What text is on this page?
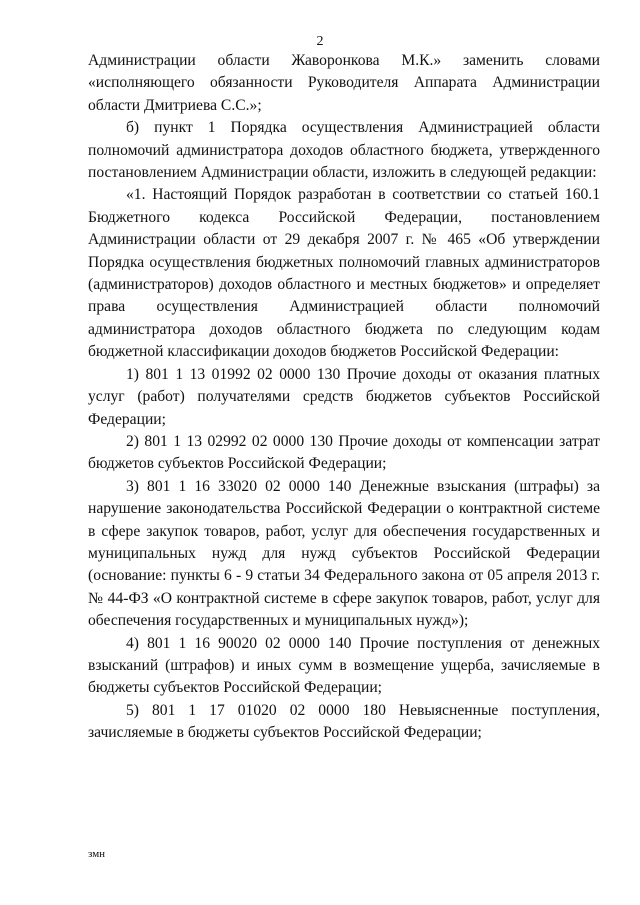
2

Администрации области Жаворонкова М.К.» заменить словами «исполняющего обязанности Руководителя Аппарата Администрации области Дмитриева С.С.»;

б) пункт 1 Порядка осуществления Администрацией области полномочий администратора доходов областного бюджета, утвержденного постановлением Администрации области, изложить в следующей редакции:

«1. Настоящий Порядок разработан в соответствии со статьей 160.1 Бюджетного кодекса Российской Федерации, постановлением Администрации области от 29 декабря 2007 г. № 465 «Об утверждении Порядка осуществления бюджетных полномочий главных администраторов (администраторов) доходов областного и местных бюджетов» и определяет права осуществления Администрацией области полномочий администратора доходов областного бюджета по следующим кодам бюджетной классификации доходов бюджетов Российской Федерации:

1) 801 1 13 01992 02 0000 130 Прочие доходы от оказания платных услуг (работ) получателями средств бюджетов субъектов Российской Федерации;

2) 801 1 13 02992 02 0000 130 Прочие доходы от компенсации затрат бюджетов субъектов Российской Федерации;

3) 801 1 16 33020 02 0000 140 Денежные взыскания (штрафы) за нарушение законодательства Российской Федерации о контрактной системе в сфере закупок товаров, работ, услуг для обеспечения государственных и муниципальных нужд для нужд субъектов Российской Федерации (основание: пункты 6 - 9 статьи 34 Федерального закона от 05 апреля 2013 г. № 44-ФЗ «О контрактной системе в сфере закупок товаров, работ, услуг для обеспечения государственных и муниципальных нужд»);

4) 801 1 16 90020 02 0000 140 Прочие поступления от денежных взысканий (штрафов) и иных сумм в возмещение ущерба, зачисляемые в бюджеты субъектов Российской Федерации;

5) 801 1 17 01020 02 0000 180 Невыясненные поступления, зачисляемые в бюджеты субъектов Российской Федерации;

змн
